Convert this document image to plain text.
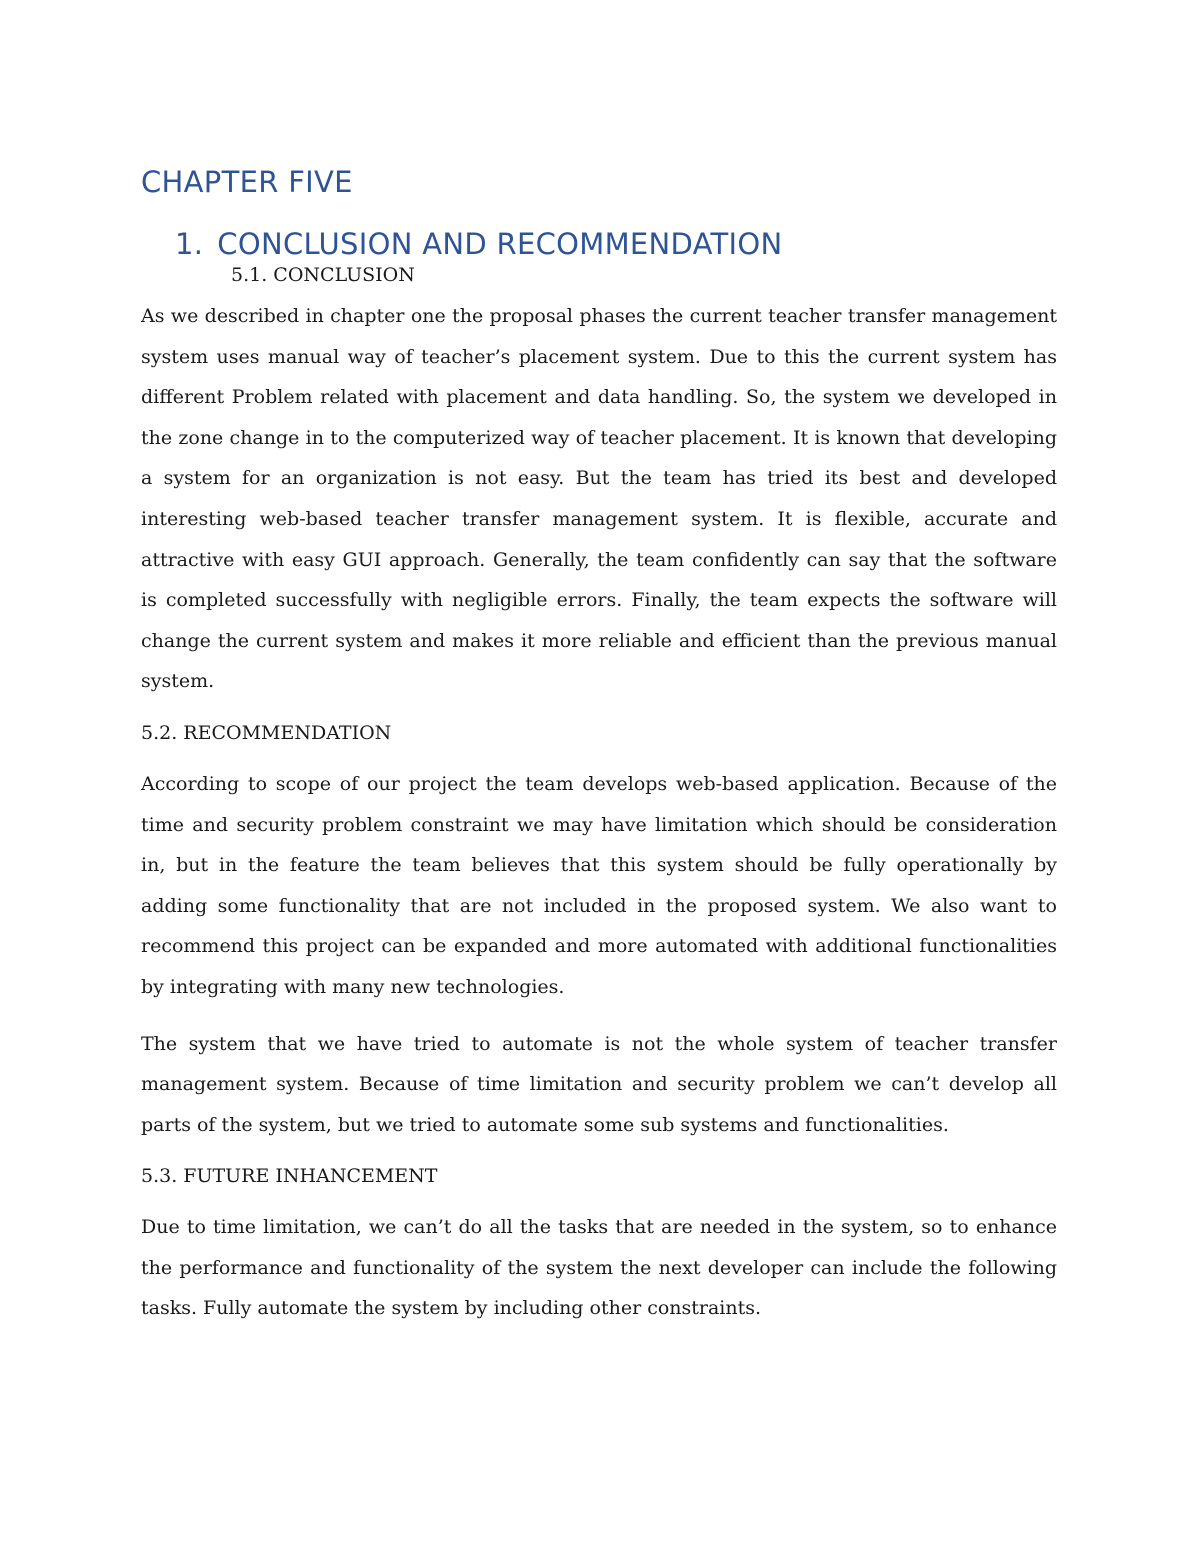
CHAPTER FIVE
1. CONCLUSION AND RECOMMENDATION
5.1. CONCLUSION

As we described in chapter one the proposal phases the current teacher transfer management system uses manual way of teacher’s placement system. Due to this the current system has different Problem related with placement and data handling. So, the system we developed in the zone change in to the computerized way of teacher placement. It is known that developing a system for an organization is not easy. But the team has tried its best and developed interesting web-based teacher transfer management system. It is flexible, accurate and attractive with easy GUI approach. Generally, the team confidently can say that the software is completed successfully with negligible errors. Finally, the team expects the software will change the current system and makes it more reliable and efficient than the previous manual system.

5.2. RECOMMENDATION

According to scope of our project the team develops web-based application. Because of the time and security problem constraint we may have limitation which should be consideration in, but in the feature the team believes that this system should be fully operationally by adding some functionality that are not included in the proposed system. We also want to recommend this project can be expanded and more automated with additional functionalities by integrating with many new technologies.

The system that we have tried to automate is not the whole system of teacher transfer management system. Because of time limitation and security problem we can’t develop all parts of the system, but we tried to automate some sub systems and functionalities.

5.3. FUTURE INHANCEMENT

Due to time limitation, we can’t do all the tasks that are needed in the system, so to enhance the performance and functionality of the system the next developer can include the following tasks. Fully automate the system by including other constraints.
